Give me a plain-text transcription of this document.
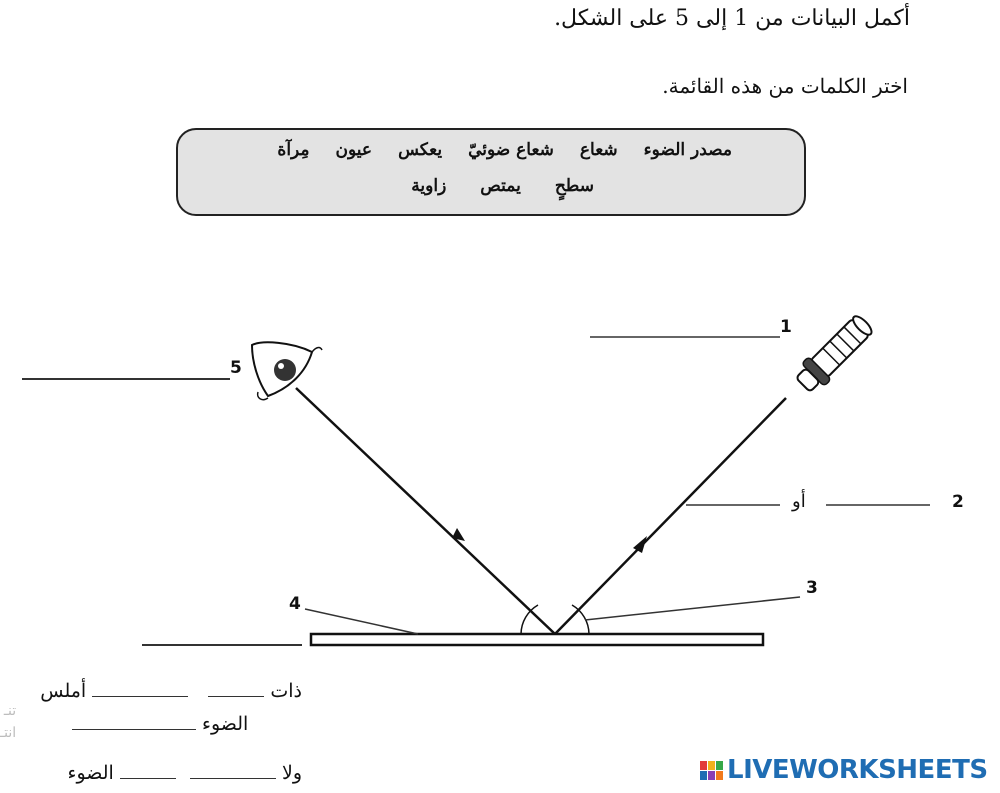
أكمل البيانات من 1 إلى 5 على الشكل.
اختر الكلمات من هذه القائمة.
مصدر الضوء
شعاع
شعاع ضوئيّ
يعكس
عيون
مِرآة
سطحٍ
يمتص
زاوية
1
2
3
4
5
أو
ذات   أملس
الضوء
ولا   الضوء
تنـ
انتـ
LIVEWORKSHEETS
